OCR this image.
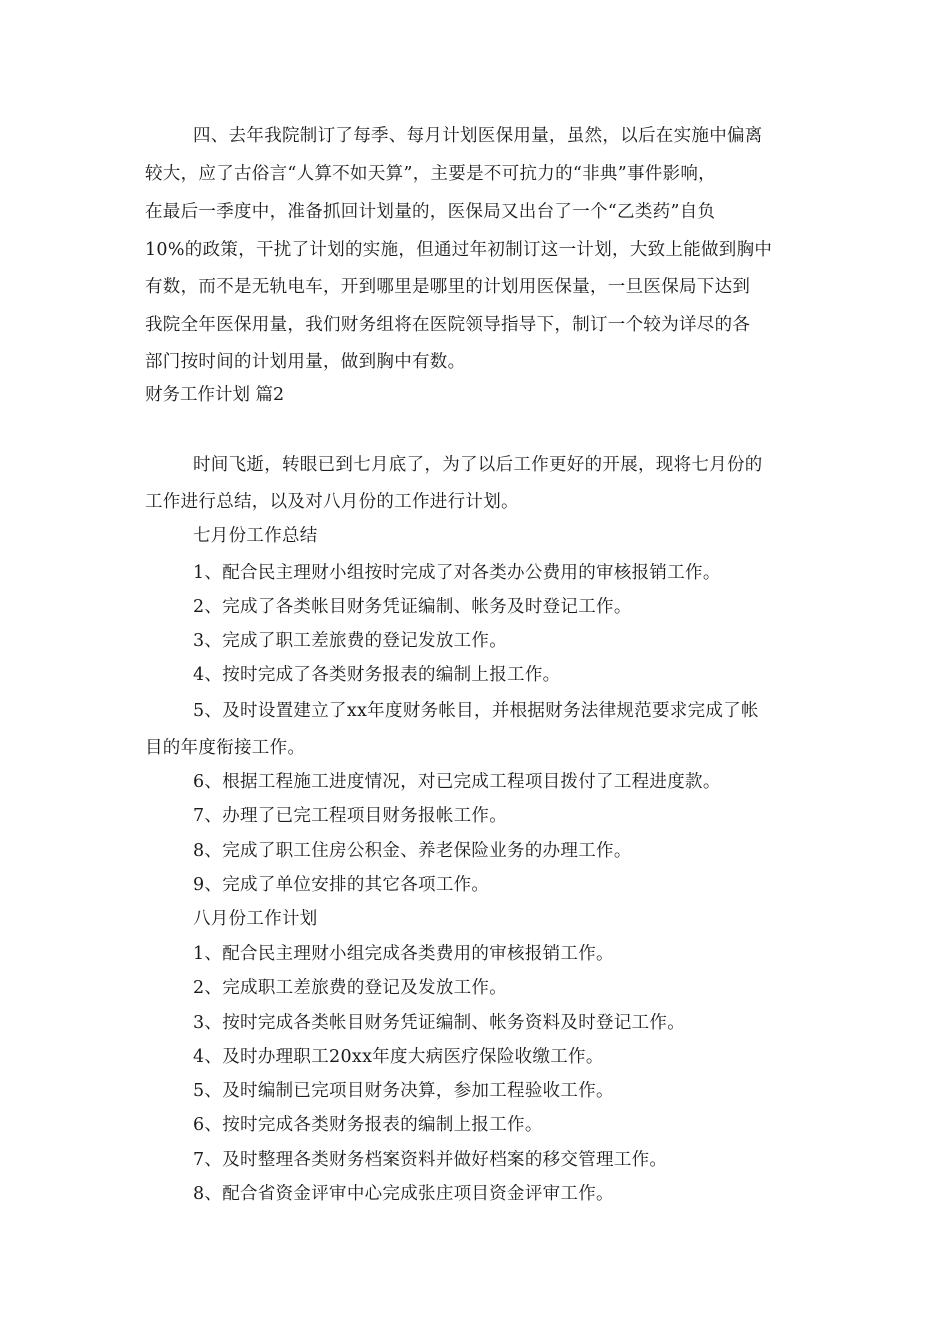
四、去年我院制订了每季、每月计划医保用量，虽然，以后在实施中偏离
较大，应了古俗言“人算不如天算”，主要是不可抗力的“非典”事件影响，
在最后一季度中，准备抓回计划量的，医保局又出台了一个“乙类药”自负
10%的政策，干扰了计划的实施，但通过年初制订这一计划，大致上能做到胸中
有数，而不是无轨电车，开到哪里是哪里的计划用医保量，一旦医保局下达到
我院全年医保用量，我们财务组将在医院领导指导下，制订一个较为详尽的各
部门按时间的计划用量，做到胸中有数。
财务工作计划 篇2
时间飞逝，转眼已到七月底了，为了以后工作更好的开展，现将七月份的
工作进行总结，以及对八月份的工作进行计划。
七月份工作总结
1、配合民主理财小组按时完成了对各类办公费用的审核报销工作。
2、完成了各类帐目财务凭证编制、帐务及时登记工作。
3、完成了职工差旅费的登记发放工作。
4、按时完成了各类财务报表的编制上报工作。
5、及时设置建立了xx年度财务帐目，并根据财务法律规范要求完成了帐
目的年度衔接工作。
6、根据工程施工进度情况，对已完成工程项目拨付了工程进度款。
7、办理了已完工程项目财务报帐工作。
8、完成了职工住房公积金、养老保险业务的办理工作。
9、完成了单位安排的其它各项工作。
八月份工作计划
1、配合民主理财小组完成各类费用的审核报销工作。
2、完成职工差旅费的登记及发放工作。
3、按时完成各类帐目财务凭证编制、帐务资料及时登记工作。
4、及时办理职工20xx年度大病医疗保险收缴工作。
5、及时编制已完项目财务决算，参加工程验收工作。
6、按时完成各类财务报表的编制上报工作。
7、及时整理各类财务档案资料并做好档案的移交管理工作。
8、配合省资金评审中心完成张庄项目资金评审工作。
